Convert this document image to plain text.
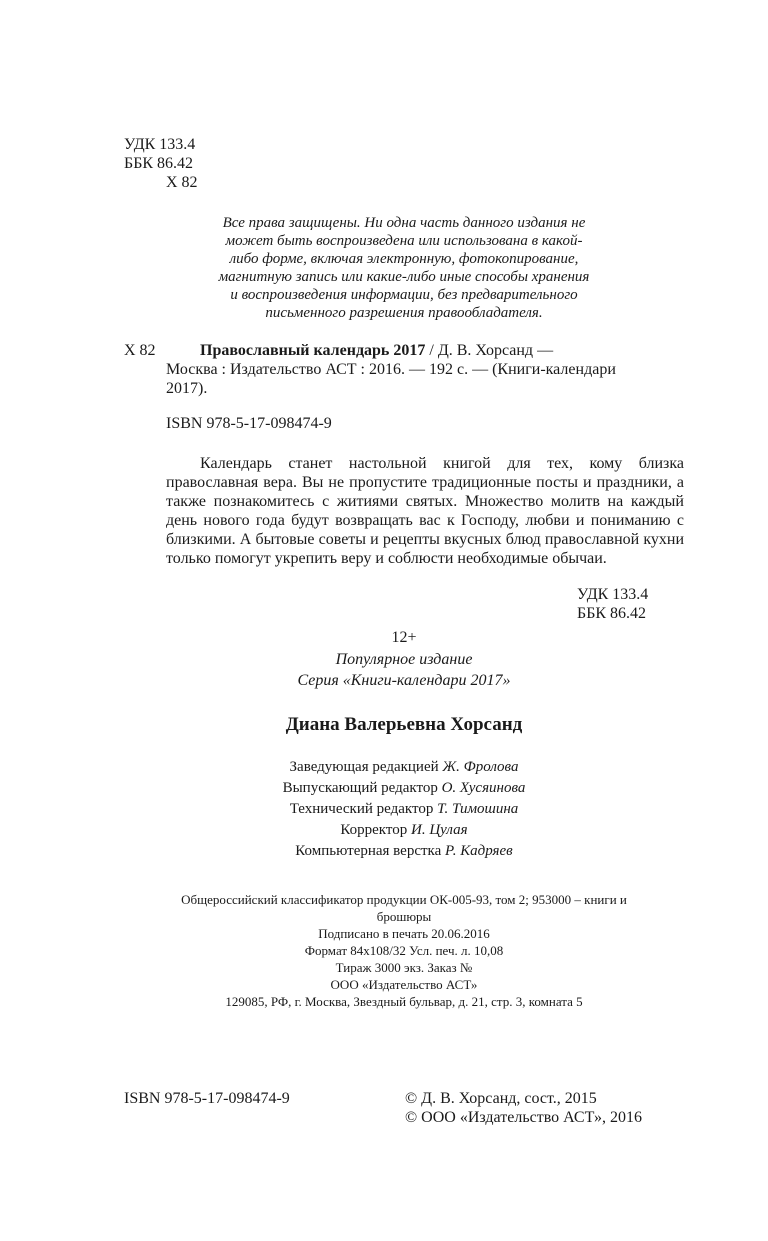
УДК 133.4
ББК 86.42
Х 82
Все права защищены. Ни одна часть данного издания не
может быть воспроизведена или использована в какой-
либо форме, включая электронную, фотокопирование,
магнитную запись или какие-либо иные способы хранения
и воспроизведения информации, без предварительного
письменного разрешения правообладателя.
Х 82	Православный календарь 2017 / Д. В. Хорсанд —
Москва : Издательство АСТ : 2016. — 192 с. — (Книги-календари
2017).
ISBN 978-5-17-098474-9
Календарь станет настольной книгой для тех, кому близка православная вера. Вы не пропустите традиционные посты и праздники, а также познакомитесь с житиями святых. Множество молитв на каждый день нового года будут возвращать вас к Господу, любви и пониманию с близкими. А бытовые советы и рецепты вкусных блюд православной кухни только помогут укрепить веру и соблюсти необходимые обычаи.
УДК 133.4
ББК 86.42
12+
Популярное издание
Серия «Книги-календари 2017»
Диана Валерьевна Хорсанд
Заведующая редакцией Ж. Фролова
Выпускающий редактор О. Хусяинова
Технический редактор Т. Тимошина
Корректор И. Цулая
Компьютерная верстка Р. Кадряев
Общероссийский классификатор продукции ОК-005-93, том 2; 953000 – книги и
брошюры
Подписано в печать 20.06.2016
Формат 84х108/32 Усл. печ. л. 10,08
Тираж 3000 экз. Заказ №
ООО «Издательство АСТ»
129085, РФ, г. Москва, Звездный бульвар, д. 21, стр. 3, комната 5
ISBN 978-5-17-098474-9	© Д. В. Хорсанд, сост., 2015
© ООО «Издательство АСТ», 2016
